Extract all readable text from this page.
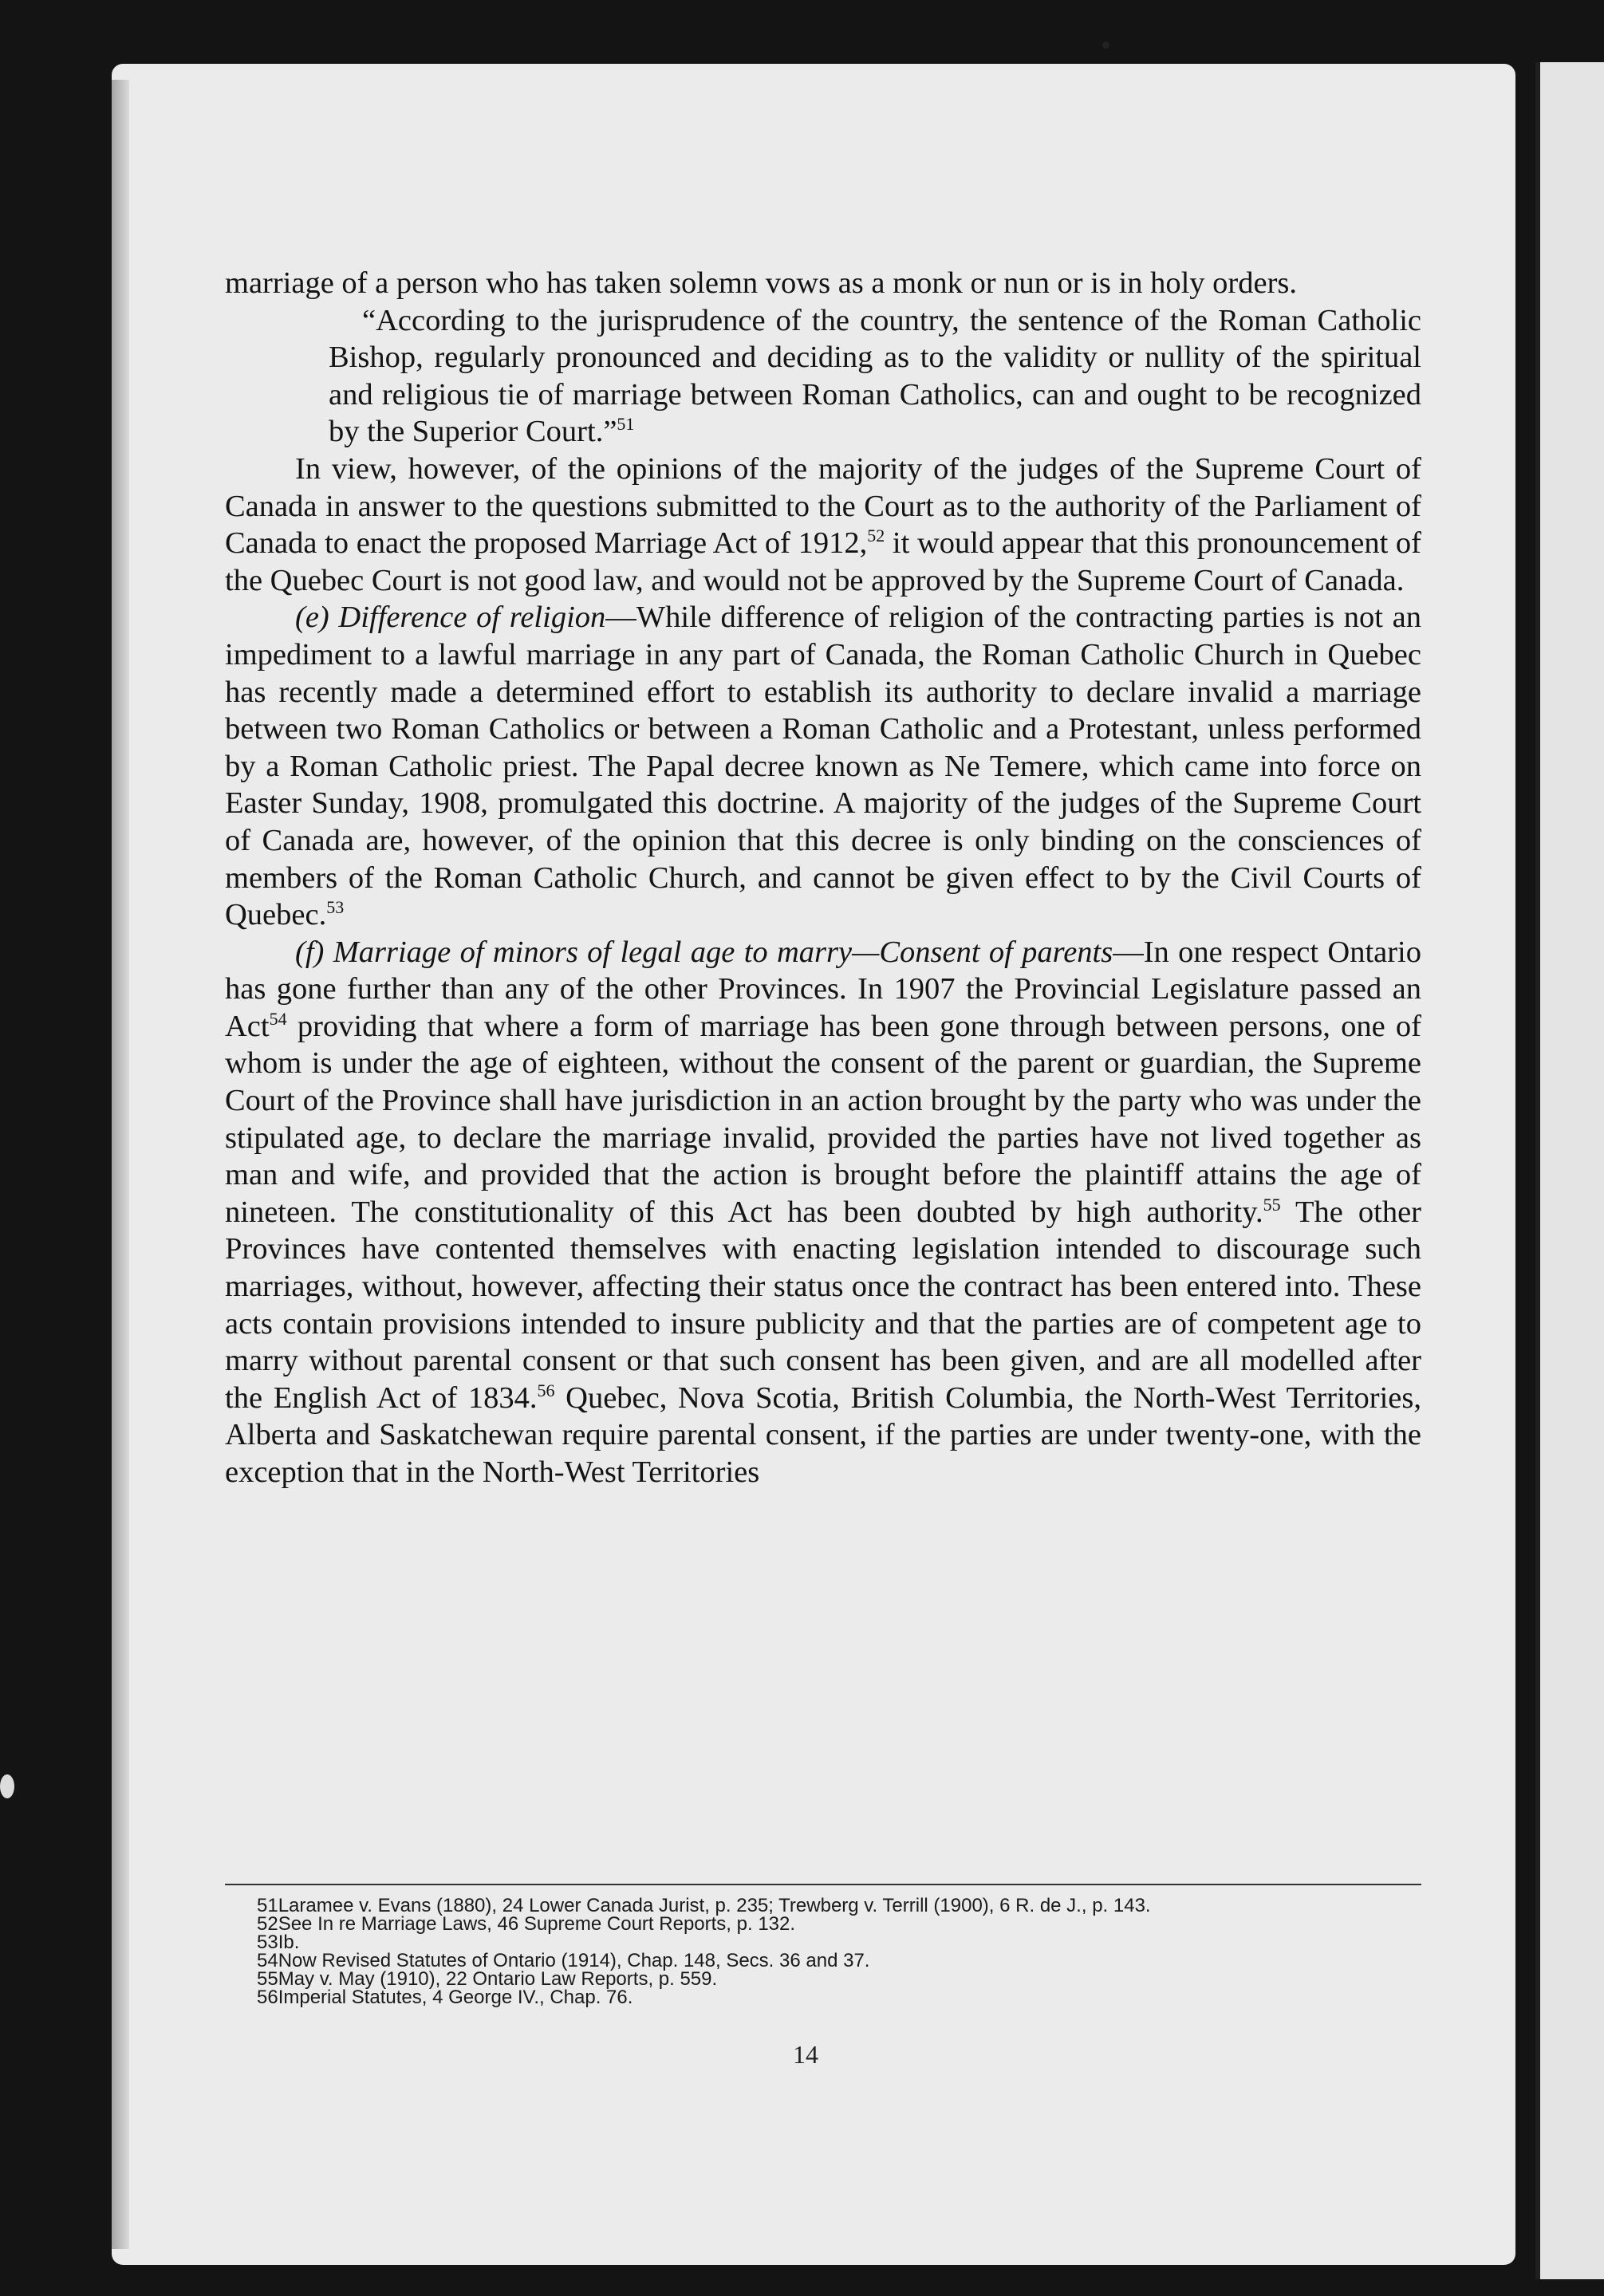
marriage of a person who has taken solemn vows as a monk or nun or is in holy orders.

“According to the jurisprudence of the country, the sentence of the Roman Catholic Bishop, regularly pronounced and deciding as to the validity or nullity of the spiritual and religious tie of marriage between Roman Catholics, can and ought to be recognized by the Superior Court.”$^{51}$

In view, however, of the opinions of the majority of the judges of the Supreme Court of Canada in answer to the questions submitted to the Court as to the authority of the Parliament of Canada to enact the proposed Marriage Act of 1912,52 it would appear that this pronouncement of the Quebec Court is not good law, and would not be approved by the Supreme Court of Canada.

(e) Difference of religion—While difference of religion of the contracting parties is not an impediment to a lawful marriage in any part of Canada, the Roman Catholic Church in Quebec has recently made a determined effort to establish its authority to declare invalid a marriage between two Roman Catholics or between a Roman Catholic and a Protestant, unless performed by a Roman Catholic priest. The Papal decree known as Ne Temere, which came into force on Easter Sunday, 1908, promulgated this doctrine. A majority of the judges of the Supreme Court of Canada are, however, of the opinion that this decree is only binding on the consciences of members of the Roman Catholic Church, and cannot be given effect to by the Civil Courts of Quebec.$^{53}$

(f) Marriage of minors of legal age to marry—Consent of parents—In one respect Ontario has gone further than any of the other Provinces. In 1907 the Provincial Legislature passed an Act$^{54}$ providing that where a form of marriage has been gone through between persons, one of whom is under the age of eighteen, without the consent of the parent or guardian, the Supreme Court of the Province shall have jurisdiction in an action brought by the party who was under the stipulated age, to declare the marriage invalid, provided the parties have not lived together as man and wife, and provided that the action is brought before the plaintiff attains the age of nineteen. The constitutionality of this Act has been doubted by high authority.$^{55}$ The other Provinces have contented themselves with enacting legislation intended to discourage such marriages, without, however, affecting their status once the contract has been entered into. These acts contain provisions intended to insure publicity and that the parties are of competent age to marry without parental consent or that such consent has been given, and are all modelled after the English Act of 1834.56 Quebec, Nova Scotia, British Columbia, the North-West Territories, Alberta and Saskatchewan require parental consent, if the parties are under twenty-one, with the exception that in the North-West Territories

51Laramee v. Evans (1880), 24 Lower Canada Jurist, p. 235; Trewberg v. Terrill (1900), 6 R. de J., p. 143.

52See In re Marriage Laws, 46 Supreme Court Reports, p. 132.

53Ib.

54Now Revised Statutes of Ontario (1914), Chap. 148, Secs. 36 and 37.

55May v. May (1910), 22 Ontario Law Reports, p. 559.

56Imperial Statutes, 4 George IV., Chap. 76.

14
